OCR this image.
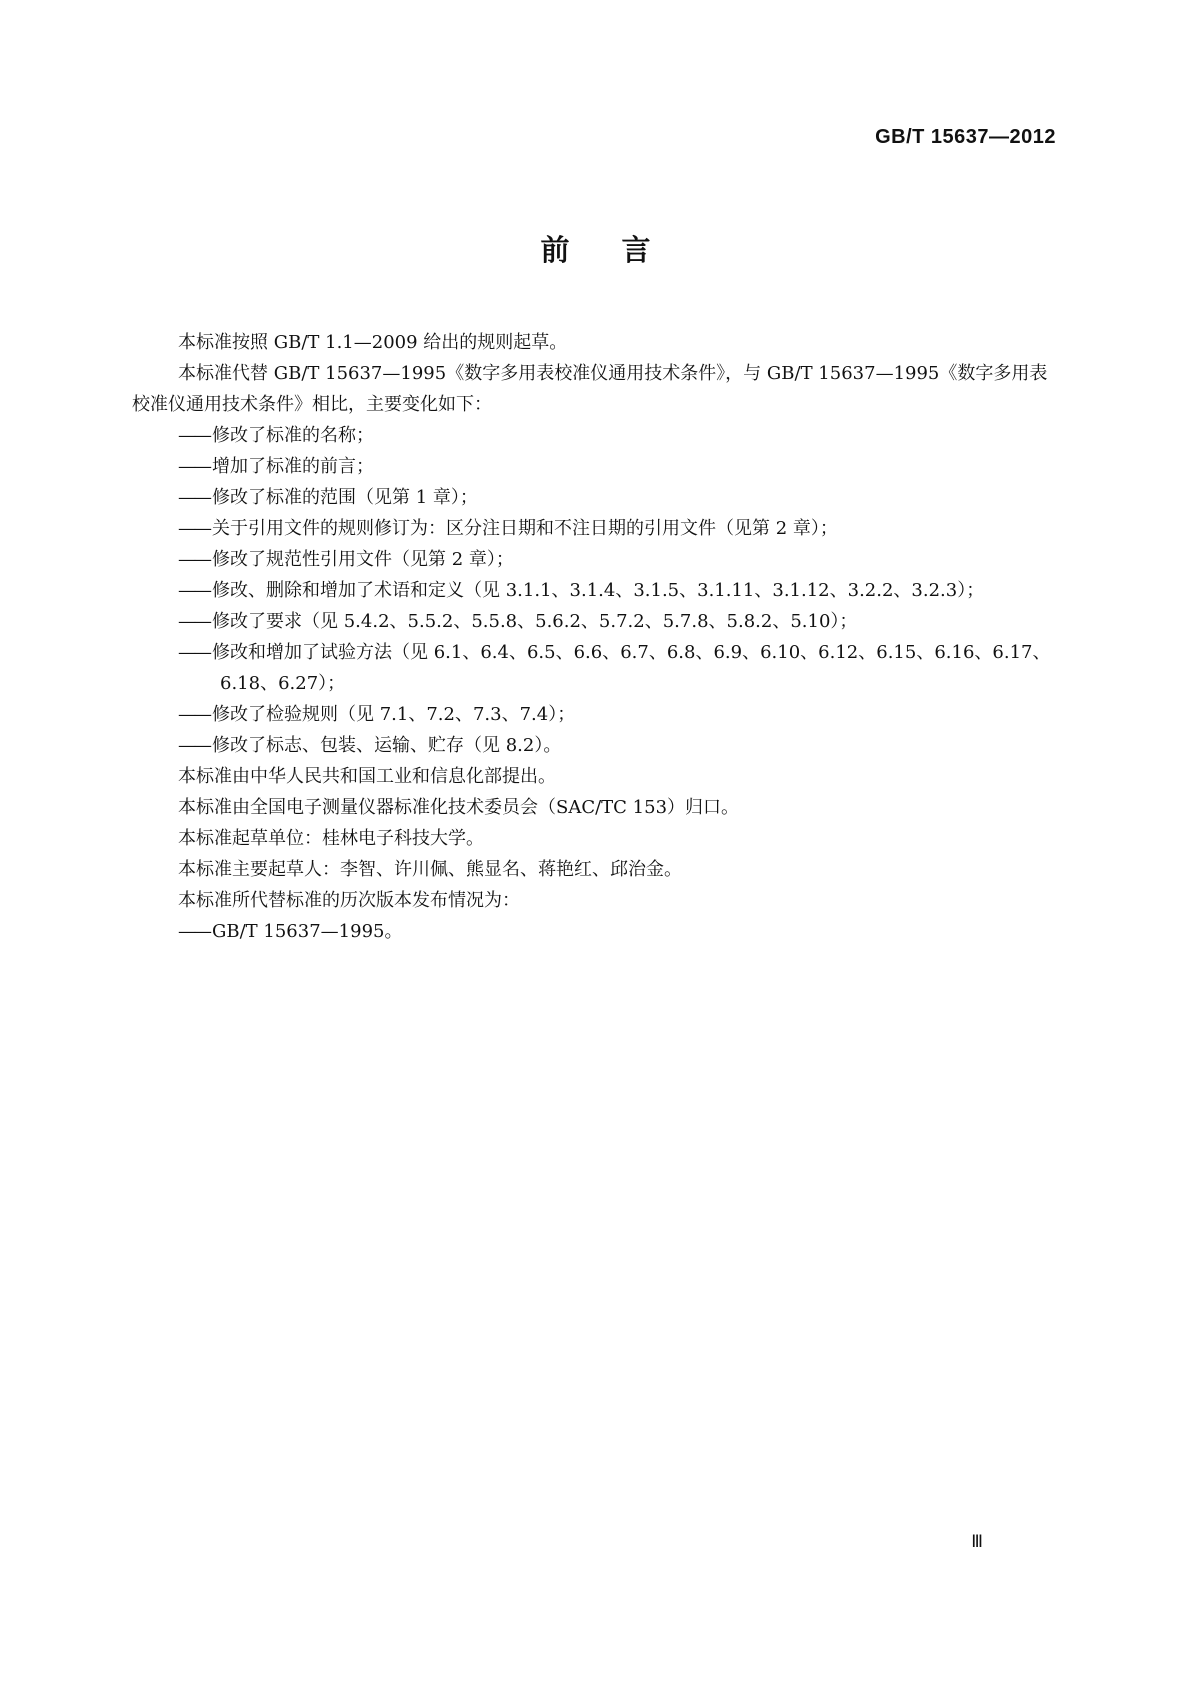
GB/T 15637—2012
前言

本标准按照 GB/T 1.1—2009 给出的规则起草。

本标准代替 GB/T 15637—1995《数字多用表校准仪通用技术条件》，与 GB/T 15637—1995《数字多用表校准仪通用技术条件》相比，主要变化如下：

—— 修改了标准的名称；

—— 增加了标准的前言；

—— 修改了标准的范围（见第 1 章）；

—— 关于引用文件的规则修订为：区分注日期和不注日期的引用文件（见第 2 章）；

—— 修改了规范性引用文件（见第 2 章）；

—— 修改、删除和增加了术语和定义（见 3.1.1、3.1.4、3.1.5、3.1.11、3.1.12、3.2.2、3.2.3）；

—— 修改了要求（见 5.4.2、5.5.2、5.5.8、5.6.2、5.7.2、5.7.8、5.8.2、5.10）；

—— 修改和增加了试验方法（见 6.1、6.4、6.5、6.6、6.7、6.8、6.9、6.10、6.12、6.15、6.16、6.17、

6.18、6.27）；

—— 修改了检验规则（见 7.1、7.2、7.3、7.4）；

—— 修改了标志、包装、运输、贮存（见 8.2）。

本标准由中华人民共和国工业和信息化部提出。

本标准由全国电子测量仪器标准化技术委员会（SAC/TC 153）归口。

本标准起草单位：桂林电子科技大学。

本标准主要起草人：李智、许川佩、熊显名、蒋艳红、邱治金。

本标准所代替标准的历次版本发布情况为：

—— GB/T 15637—1995。

Ⅲ
